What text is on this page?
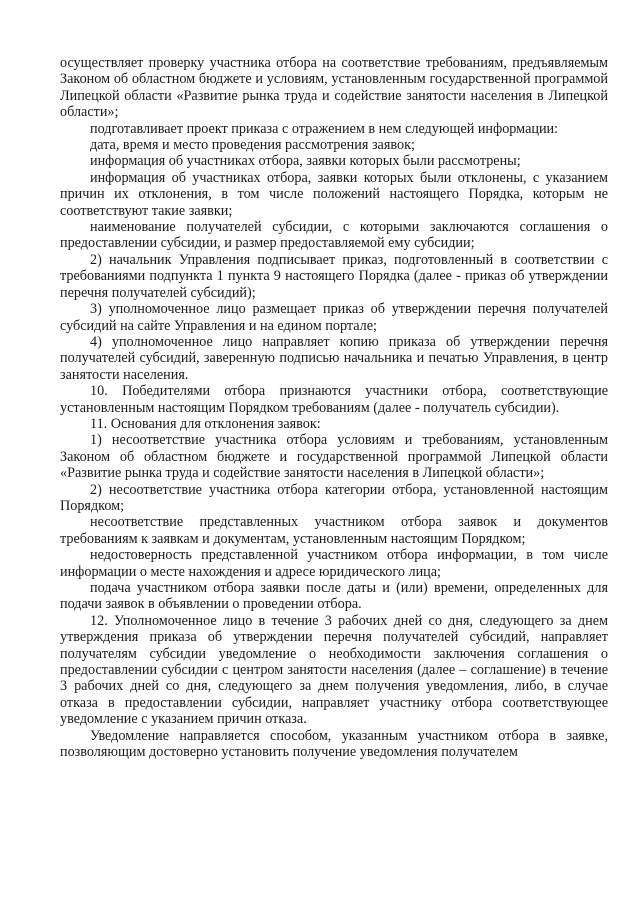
осуществляет проверку участника отбора на соответствие требованиям, предъявляемым Законом об областном бюджете и условиям, установленным государственной программой Липецкой области «Развитие рынка труда и содействие занятости населения в Липецкой области»;

подготавливает проект приказа с отражением в нем следующей информации:

дата, время и место проведения рассмотрения заявок;

информация об участниках отбора, заявки которых были рассмотрены;

информация об участниках отбора, заявки которых были отклонены, с указанием причин их отклонения, в том числе положений настоящего Порядка, которым не соответствуют такие заявки;

наименование получателей субсидии, с которыми заключаются соглашения о предоставлении субсидии, и размер предоставляемой ему субсидии;

2) начальник Управления подписывает приказ, подготовленный в соответствии с требованиями подпункта 1 пункта 9 настоящего Порядка (далее - приказ об утверждении перечня получателей субсидий);

3) уполномоченное лицо размещает приказ об утверждении перечня получателей субсидий на сайте Управления и на едином портале;

4) уполномоченное лицо направляет копию приказа об утверждении перечня получателей субсидий, заверенную подписью начальника и печатью Управления, в центр занятости населения.

10. Победителями отбора признаются участники отбора, соответствующие установленным настоящим Порядком требованиям (далее - получатель субсидии).

11. Основания для отклонения заявок:

1) несоответствие участника отбора условиям и требованиям, установленным Законом об областном бюджете и государственной программой Липецкой области «Развитие рынка труда и содействие занятости населения в Липецкой области»;

2) несоответствие участника отбора категории отбора, установленной настоящим Порядком;

несоответствие представленных участником отбора заявок и документов требованиям к заявкам и документам, установленным настоящим Порядком;

недостоверность представленной участником отбора информации, в том числе информации о месте нахождения и адресе юридического лица;

подача участником отбора заявки после даты и (или) времени, определенных для подачи заявок в объявлении о проведении отбора.

12. Уполномоченное лицо в течение 3 рабочих дней со дня, следующего за днем утверждения приказа об утверждении перечня получателей субсидий, направляет получателям субсидии уведомление о необходимости заключения соглашения о предоставлении субсидии с центром занятости населения (далее – соглашение) в течение 3 рабочих дней со дня, следующего за днем получения уведомления, либо, в случае отказа в предоставлении субсидии, направляет участнику отбора соответствующее уведомление с указанием причин отказа.

Уведомление направляется способом, указанным участником отбора в заявке, позволяющим достоверно установить получение уведомления получателем
